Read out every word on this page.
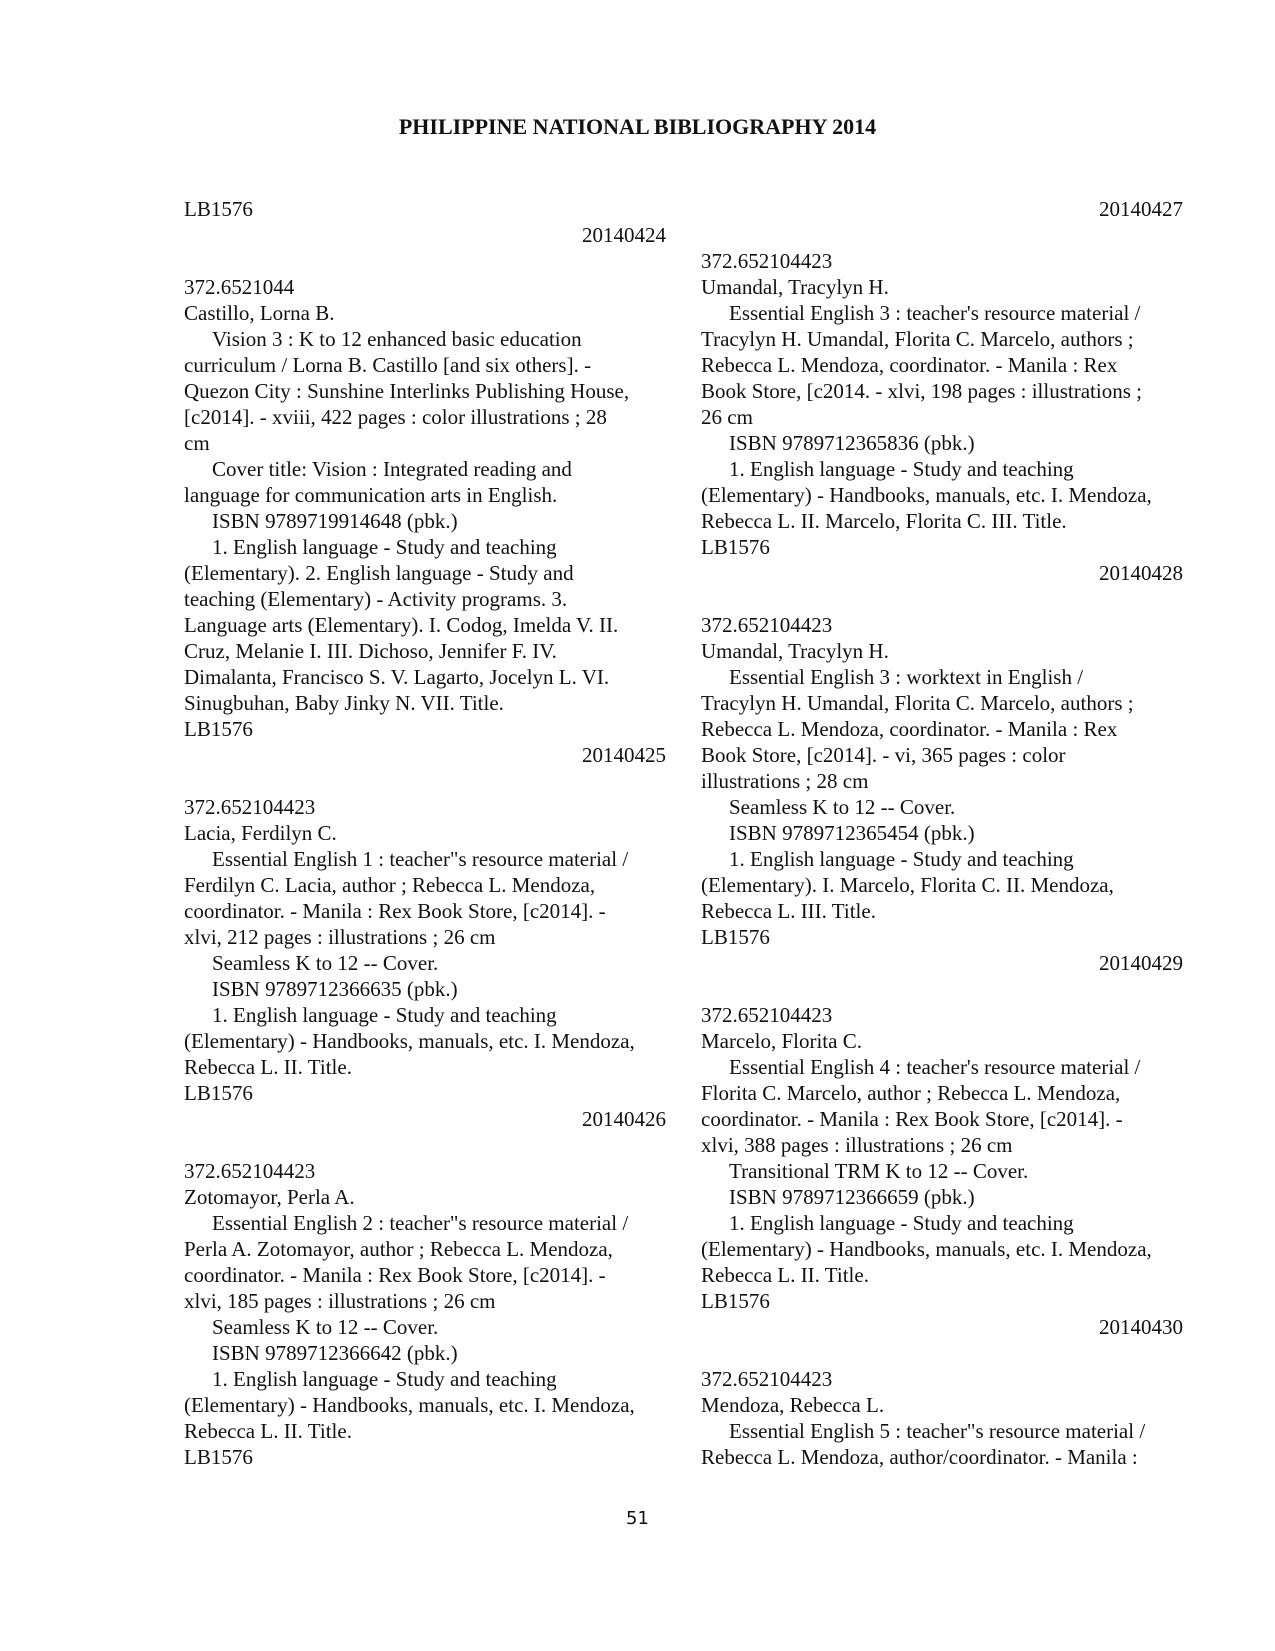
PHILIPPINE NATIONAL BIBLIOGRAPHY 2014
LB1576
20140424
372.6521044
Castillo, Lorna B.
Vision 3 : K to 12 enhanced basic education
curriculum / Lorna B. Castillo [and six others]. -
Quezon City : Sunshine Interlinks Publishing House,
[c2014]. - xviii, 422 pages : color illustrations ; 28
cm
Cover title: Vision : Integrated reading and
language for communication arts in English.
ISBN 9789719914648 (pbk.)
1. English language - Study and teaching
(Elementary). 2. English language - Study and
teaching (Elementary) - Activity programs. 3.
Language arts (Elementary). I. Codog, Imelda V. II.
Cruz, Melanie I. III. Dichoso, Jennifer F. IV.
Dimalanta, Francisco S. V. Lagarto, Jocelyn L. VI.
Sinugbuhan, Baby Jinky N. VII. Title.
LB1576
20140425
372.652104423
Lacia, Ferdilyn C.
Essential English 1 : teacher"s resource material /
Ferdilyn C. Lacia, author ; Rebecca L. Mendoza,
coordinator. - Manila : Rex Book Store, [c2014]. -
xlvi, 212 pages : illustrations ; 26 cm
Seamless K to 12 -- Cover.
ISBN 9789712366635 (pbk.)
1. English language - Study and teaching
(Elementary) - Handbooks, manuals, etc. I. Mendoza,
Rebecca L. II. Title.
LB1576
20140426
372.652104423
Zotomayor, Perla A.
Essential English 2 : teacher"s resource material /
Perla A. Zotomayor, author ; Rebecca L. Mendoza,
coordinator. - Manila : Rex Book Store, [c2014]. -
xlvi, 185 pages : illustrations ; 26 cm
Seamless K to 12 -- Cover.
ISBN 9789712366642 (pbk.)
1. English language - Study and teaching
(Elementary) - Handbooks, manuals, etc. I. Mendoza,
Rebecca L. II. Title.
LB1576
20140427
372.652104423
Umandal, Tracylyn H.
Essential English 3 : teacher's resource material /
Tracylyn H. Umandal, Florita C. Marcelo, authors ;
Rebecca L. Mendoza, coordinator. - Manila : Rex
Book Store, [c2014. - xlvi, 198 pages : illustrations ;
26 cm
ISBN 9789712365836 (pbk.)
1. English language - Study and teaching
(Elementary) - Handbooks, manuals, etc. I. Mendoza,
Rebecca L. II. Marcelo, Florita C. III. Title.
LB1576
20140428
372.652104423
Umandal, Tracylyn H.
Essential English 3 : worktext in English /
Tracylyn H. Umandal, Florita C. Marcelo, authors ;
Rebecca L. Mendoza, coordinator. - Manila : Rex
Book Store, [c2014]. - vi, 365 pages : color
illustrations ; 28 cm
Seamless K to 12 -- Cover.
ISBN 9789712365454 (pbk.)
1. English language - Study and teaching
(Elementary). I. Marcelo, Florita C. II. Mendoza,
Rebecca L. III. Title.
LB1576
20140429
372.652104423
Marcelo, Florita C.
Essential English 4 : teacher's resource material /
Florita C. Marcelo, author ; Rebecca L. Mendoza,
coordinator. - Manila : Rex Book Store, [c2014]. -
xlvi, 388 pages : illustrations ; 26 cm
Transitional TRM K to 12 -- Cover.
ISBN 9789712366659 (pbk.)
1. English language - Study and teaching
(Elementary) - Handbooks, manuals, etc. I. Mendoza,
Rebecca L. II. Title.
LB1576
20140430
372.652104423
Mendoza, Rebecca L.
Essential English 5 : teacher"s resource material /
Rebecca L. Mendoza, author/coordinator. - Manila :
51
